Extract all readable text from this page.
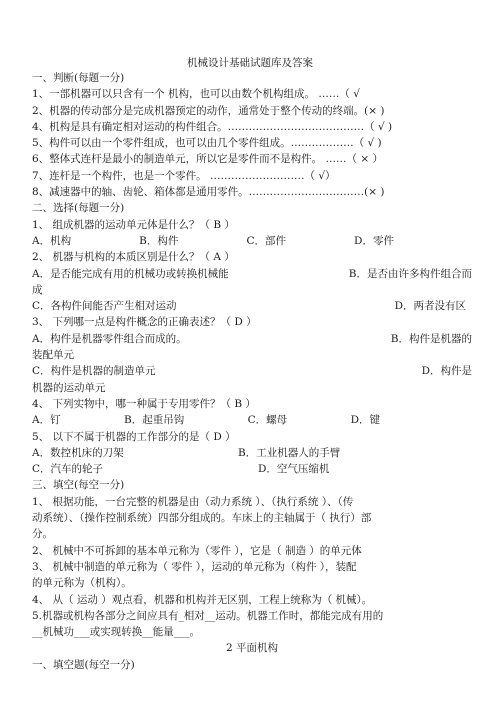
机械设计基础试题库及答案
一、判断(每题一分)
1、一部机器可以只含有一个 机构，也可以由数个机构组成。 ……（ √
2、机器的传动部分是完成机器预定的动作，通常处于整个传动的终端。(× )
4、机构是具有确定相对运动的构件组合。…………………………………（ √ )
5、构件可以由一个零件组成，也可以由几个零件组成。………………（ √ )
6、整体式连杆是最小的制造单元，所以它是零件而不是构件。 ……（ × ）
7、连杆是一个构件，也是一个零件。 ………………………（ √）
8、减速器中的轴、齿轮、箱体都是通用零件。……………………………(× )
二、选择(每题一分)
1、 组成机器的运动单元体是什么？（ B ）
A．机构	B．构件	C．部件	D．零件
2、 机器与机构的本质区别是什么？（ A ）
A．是否能完成有用的机械功或转换机械能	B．是否由许多构件组合而
成
C．各构件间能否产生相对运动	D．两者没有区
3、 下列哪一点是构件概念的正确表述？（ D ）
A．构件是机器零件组合而成的。	B．构件是机器的
装配单元
C．构件是机器的制造单元	D．构件是
机器的运动单元
4、 下列实物中，哪一种属于专用零件？（ B ）
A．钉	B．起重吊钩	C．螺母	D．键
5、 以下不属于机器的工作部分的是（ D ）
A．数控机床的刀架	B．工业机器人的手臂
C．汽车的轮子	D．空气压缩机
三、填空(每空一分)
1、 根据功能，一台完整的机器是由（动力系统 ）、（执行系统 ）、（传
动系统）、（操作控制系统）四部分组成的。车床上的主轴属于（ 执行）部
分。
2、 机械中不可拆卸的基本单元称为（零件 ），它是（ 制造 ）的单元体
3、 机械中制造的单元称为（ 零件 ），运动的单元称为（构件 ），装配
的单元称为（机构）。
4、 从（ 运动 ）观点看，机器和机构并无区别，工程上统称为（ 机械）。
5.机器或机构各部分之间应具有_相对__运动。机器工作时，都能完成有用的
__机械功___或实现转换__能量___。
2 平面机构
一、填空题(每空一分)
